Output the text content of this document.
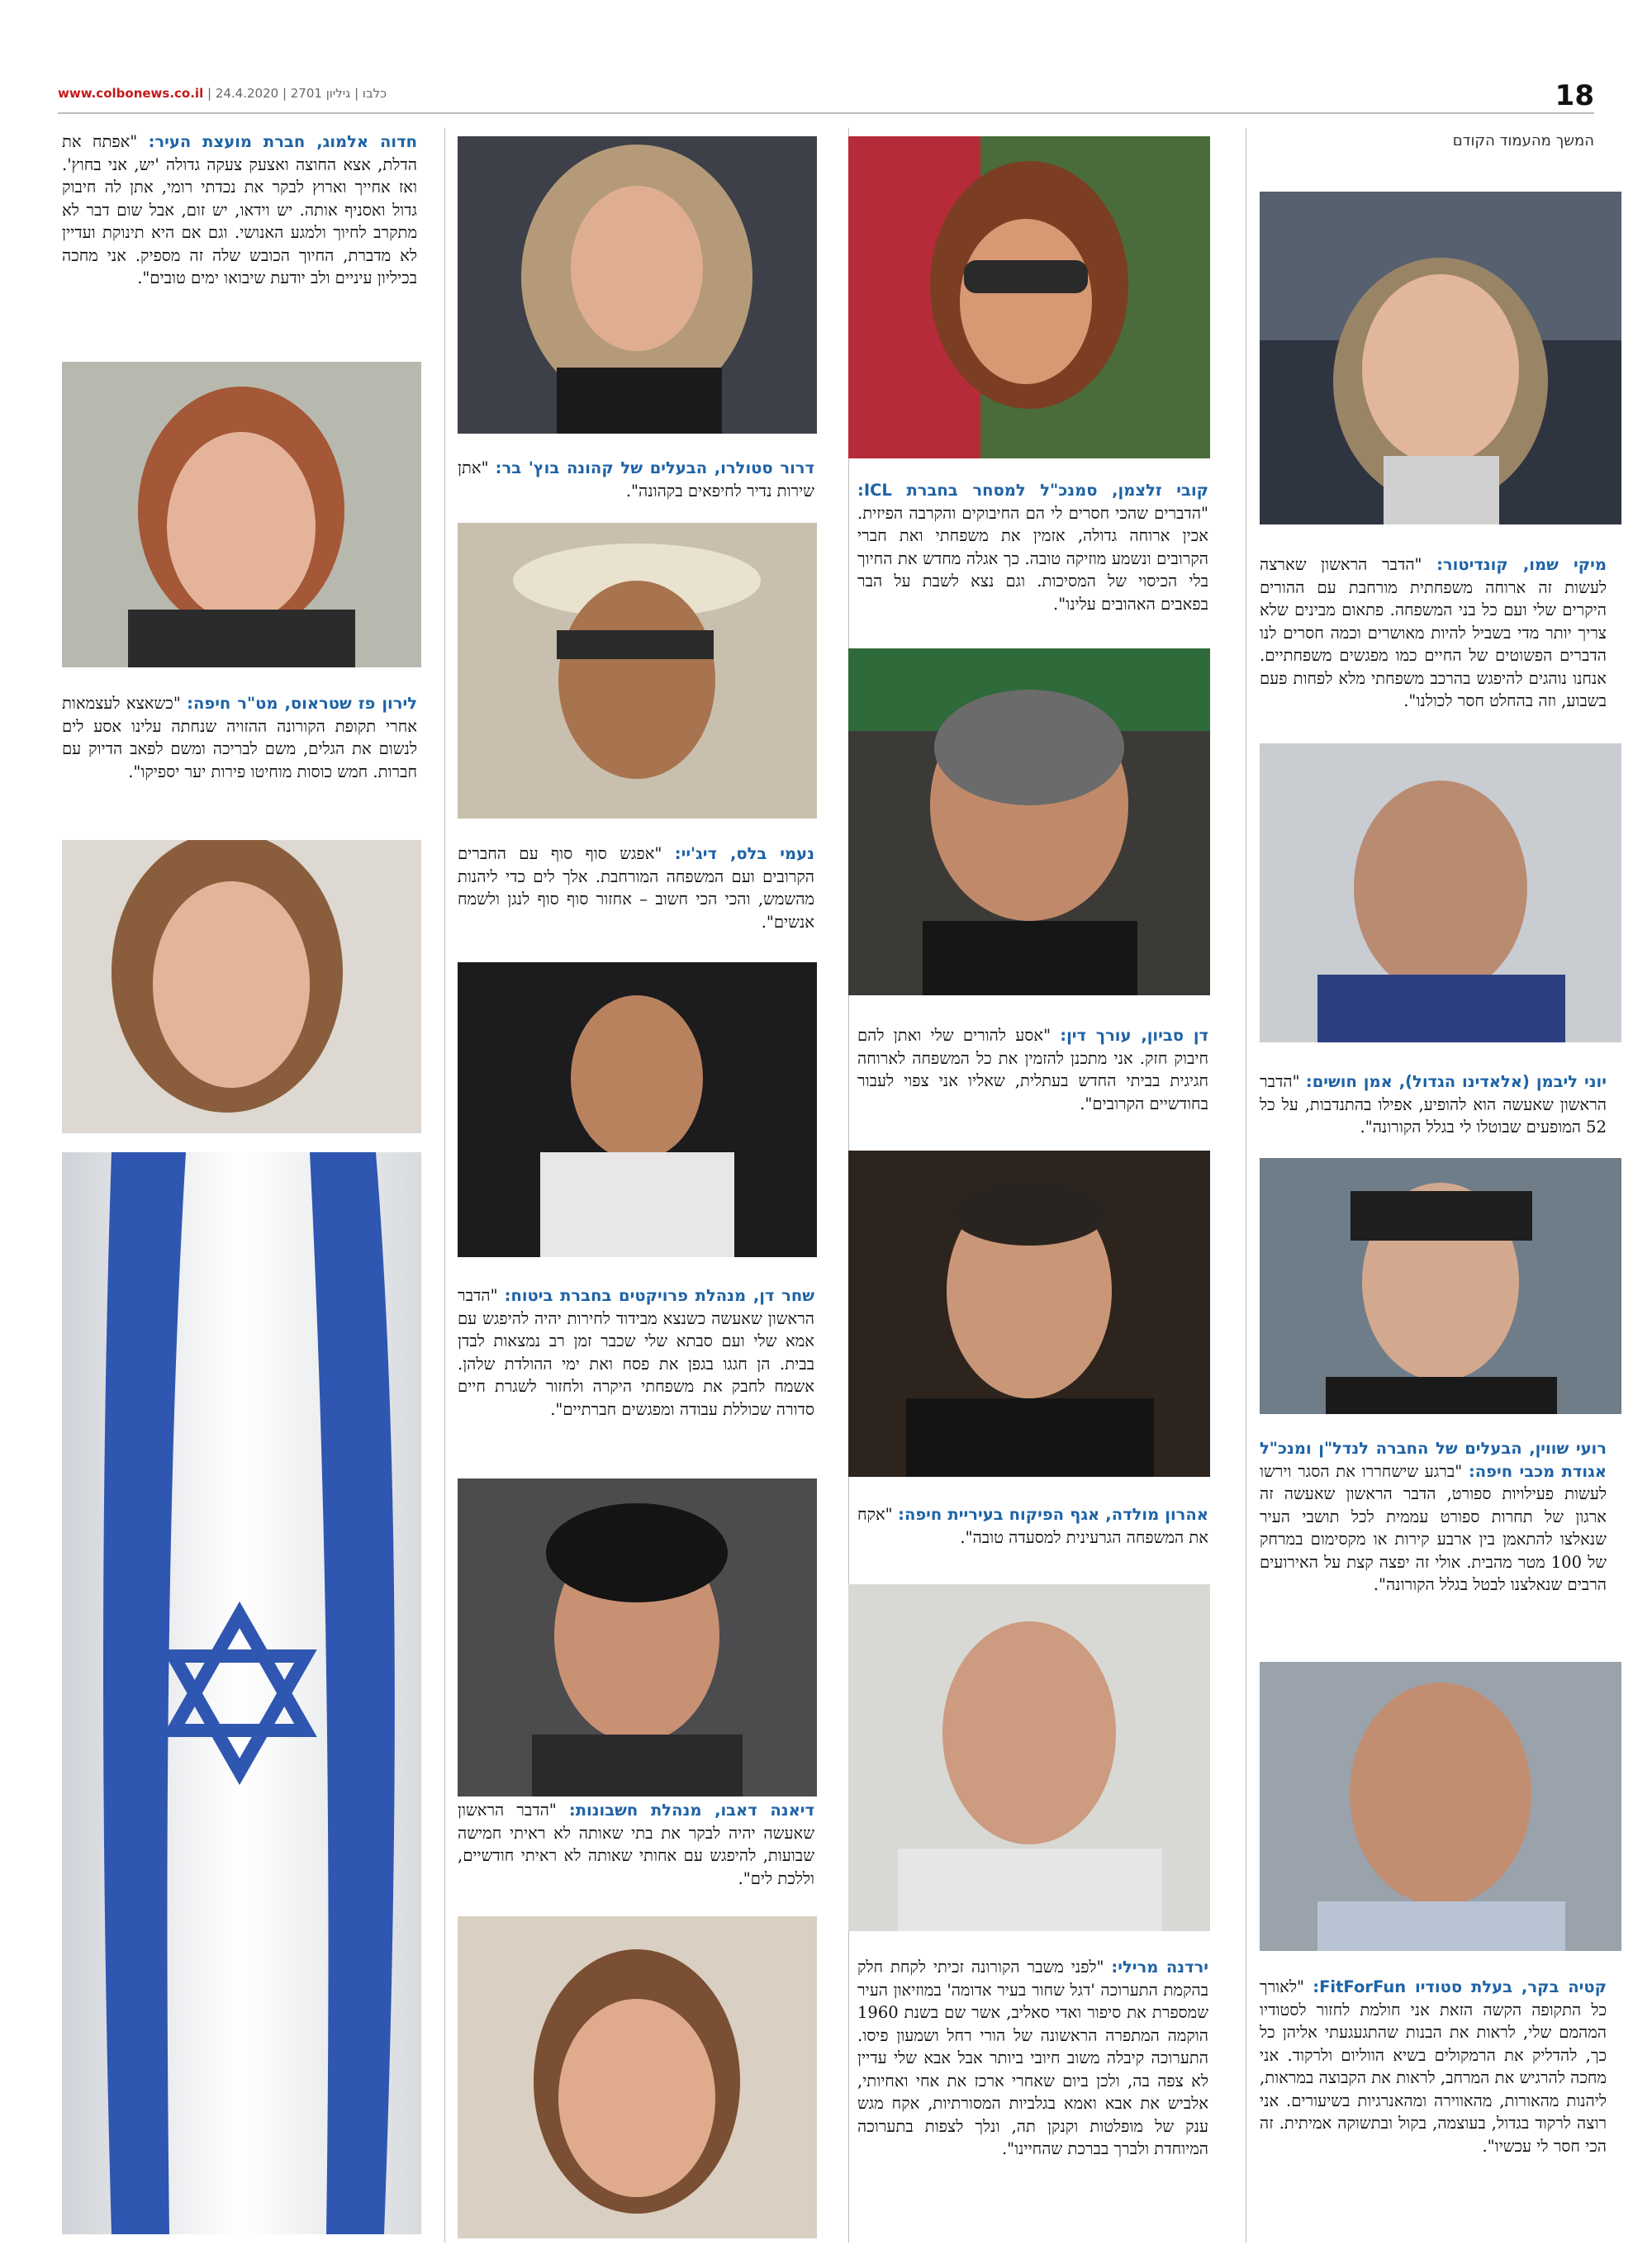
18
www.colbonews.co.il | כלבו | גיליון 2701 | 24.4.2020
המשך מהעמוד הקודם
מיקי שמו, קונדיטור: "הדבר הראשון שארצה לעשות זה ארוחה משפחתית מורחבת עם ההורים היקרים שלי ועם כל בני המשפחה. פתאום מבינים שלא צריך יותר מדי בשביל להיות מאושרים וכמה חסרים לנו הדברים הפשוטים של החיים כמו מפגשים משפחתיים. אנחנו נוהגים להיפגש בהרכב משפחתי מלא לפחות פעם בשבוע, וזה בהחלט חסר לכולנו".
יוני ליבמן (אלאדינו הגדול), אמן חושים: "הדבר הראשון שאעשה הוא להופיע, אפילו בהתנדבות, על כל 52 המופעים שבוטלו לי בגלל הקורונה".
רועי שווין, הבעלים של החברה לנדל"ן ומנכ"ל אגודת מכבי חיפה: "ברגע שישחררו את הסגר וירשו לעשות פעילויות ספורט, הדבר הראשון שאעשה זה ארגון של תחרות ספורט עממית לכל תושבי העיר שנאלצו להתאמן בין ארבע קירות או מקסימום במרחק של 100 מטר מהבית. אולי זה יפצה קצת על האירועים הרבים שנאלצנו לבטל בגלל הקורונה".
קטיה בקר, בעלת סטודיו FitForFun: "לאורך כל התקופה הקשה הזאת אני חולמת לחזור לסטודיו המהמם שלי, לראות את הבנות שהתגעגעתי אליהן כל כך, להדליק את הרמקולים בשיא הווליום ולרקוד. אני מחכה להרגיש את המרחב, לראות את הקבוצה במראות, ליהנות מהאורות, מהאווירה ומהאנרגיות בשיעורים. אני רוצה לרקוד בגדול, בעוצמה, בקול ובתשוקה אמיתית. זה הכי חסר לי עכשיו".
קובי זלצמן, סמנכ"ל למסחר בחברת ICL: "הדברים שהכי חסרים לי הם החיבוקים והקרבה הפיזית. אכין ארוחה גדולה, אזמין את משפחתי ואת חברי הקרובים ונשמע מוזיקה טובה. כך אגלה מחדש את החיוך בלי הכיסוי של המסיכות. וגם נצא לשבת על הבר בפאבים האהובים עלינו".
דן סביון, עורך דין: "אסע להורים שלי ואתן להם חיבוק חזק. אני מתכנן להזמין את כל המשפחה לארוחה חגיגית בביתי החדש בעתלית, שאליו אני צפוי לעבור בחודשיים הקרובים".
אהרון מולדה, אגף הפיקוח בעיריית חיפה: "אקח את המשפחה הגרעינית למסעדה טובה".
ירדנה מרילי: "לפני משבר הקורונה זכיתי לקחת חלק בהקמת התערוכה 'דגל שחור בעיר אדומה' במוזיאון העיר שמספרת את סיפור ואדי סאליב, אשר שם בשנת 1960 הוקמה המתפרה הראשונה של הורי רחל ושמעון פיסו. התערוכה קיבלה משוב חיובי ביותר אבל אבא שלי עדיין לא צפה בה, ולכן ביום שאחרי ארכז את אחי ואחיותי, אלביש את אבא ואמא בגלביות המסורתיות, אקח מגש ענק של מופלטות וקנקן תה, ונלך לצפות בתערוכה המיוחדת ולברך בברכת שהחיינו".
דרור סטולרו, הבעלים של קהונה בוץ' בר: "אתן שירות נדיר לחיפאים בקהונה".
נעמי בלס, דיג'יי: "אפגש סוף סוף עם החברים הקרובים ועם המשפחה המורחבת. אלך לים כדי ליהנות מהשמש, והכי הכי חשוב – אחזור סוף סוף לנגן ולשמח אנשים".
שחר דן, מנהלת פרויקטים בחברת ביטוח: "הדבר הראשון שאעשה כשנצא מבידוד לחירות יהיה להיפגש עם אמא שלי ועם סבתא שלי שכבר זמן רב נמצאות לבדן בבית. הן חגגו בגפן את פסח ואת ימי ההולדת שלהן. אשמח לחבק את משפחתי היקרה ולחזור לשגרת חיים סדורה שכוללת עבודה ומפגשים חברתיים".
דיאנה דאבו, מנהלת חשבונות: "הדבר הראשון שאעשה יהיה לבקר את בתי שאותה לא ראיתי חמישה שבועות, להיפגש עם אחותי שאותה לא ראיתי חודשיים, וללכת לים".
חדוה אלמוג, חברת מועצת העיר: "אפתח את הדלת, אצא החוצה ואצעק צעקה גדולה 'יש, אני בחוץ'. ואז אחייך וארוץ לבקר את נכדתי רומי, אתן לה חיבוק גדול ואסניף אותה. יש וידאו, יש זום, אבל שום דבר לא מתקרב לחיוך ולמגע האנושי. וגם אם היא תינוקת ועדיין לא מדברת, החיוך הכובש שלה זה מספיק. אני מחכה בכיליון עיניים ולב יודעת שיבואו ימים טובים".
לירון פז שטראוס, מט"ר חיפה: "כשאצא לעצמאות אחרי תקופת הקורונה ההזויה שנחתה עלינו אסע לים לנשום את הגלים, משם לבריכה ומשם לפאב הדיוק עם חברות. חמש כוסות מוחיטו פירות יער יספיקו".
